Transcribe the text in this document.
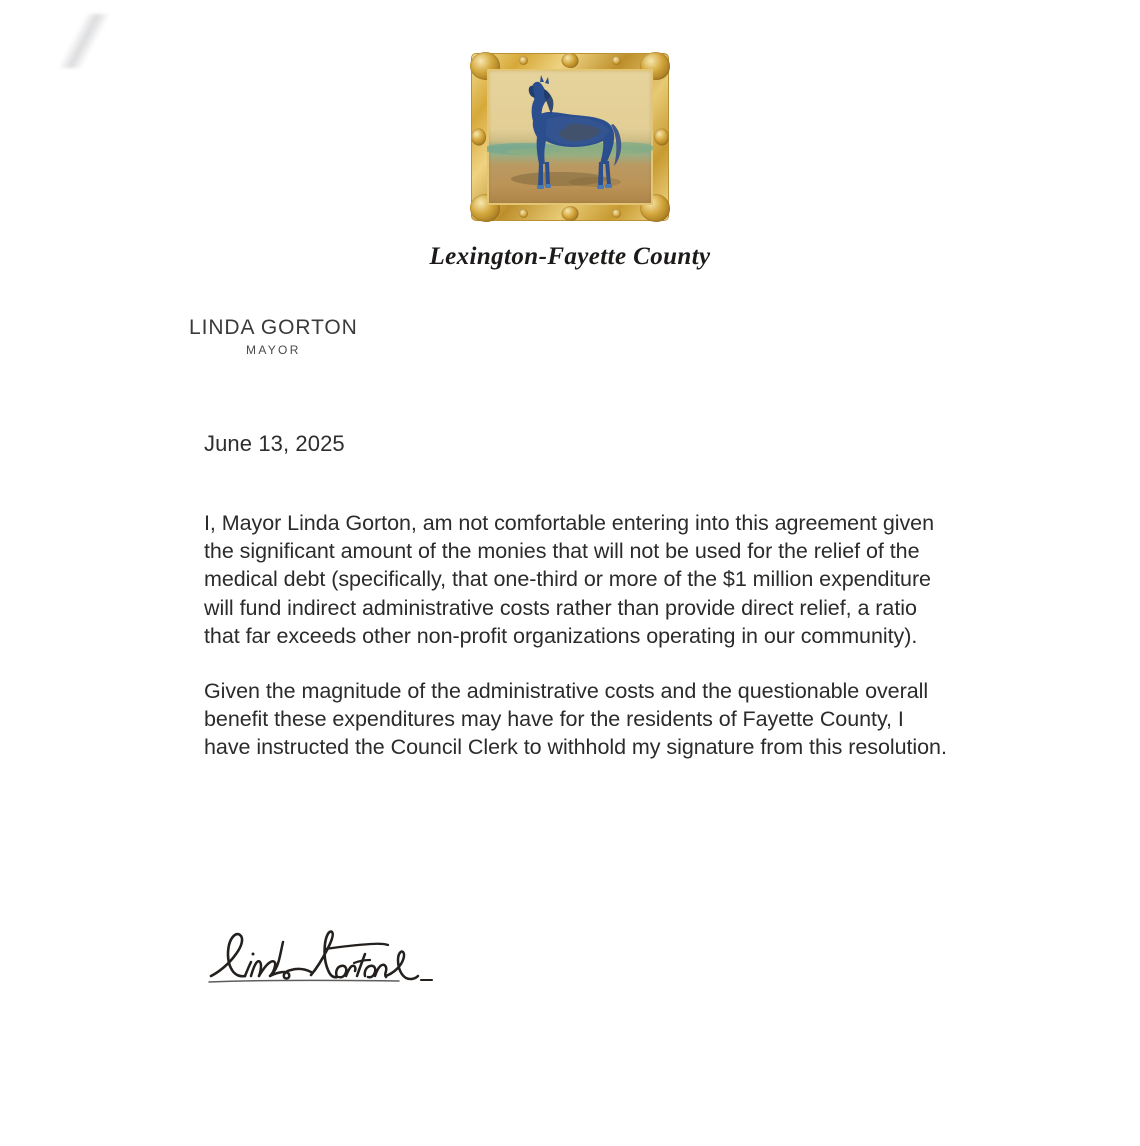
Lexington-Fayette County
LINDA GORTON
MAYOR
June 13, 2025

I, Mayor Linda Gorton, am not comfortable entering into this agreement given the significant amount of the monies that will not be used for the relief of the medical debt (specifically, that one-third or more of the $1 million expenditure will fund indirect administrative costs rather than provide direct relief, a ratio that far exceeds other non-profit organizations operating in our community).

Given the magnitude of the administrative costs and the questionable overall benefit these expenditures may have for the residents of Fayette County, I have instructed the Council Clerk to withhold my signature from this resolution.
